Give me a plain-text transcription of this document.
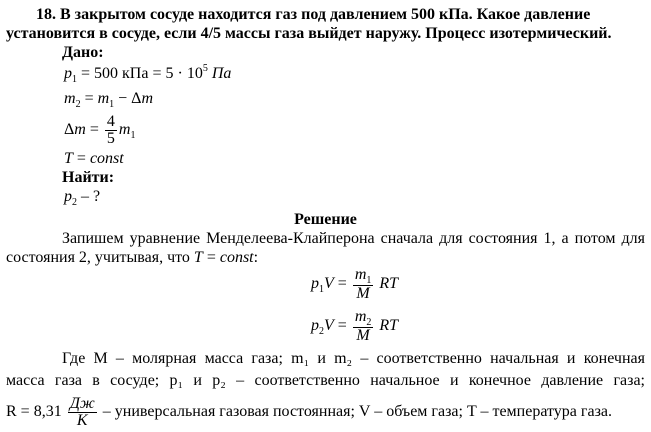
18. В закрытом сосуде находится газ под давлением 500 кПа. Какое давление
установится в сосуде, если 4/5 массы газа выйдет наружу. Процесс изотермический.
Дано:
$p_1 = 500$ кПа = $5 \cdot 10^5$ Па
$m_2 = m_1 - \Delta m$
$\Delta m = \frac{4}{5} m_1$
T = const
Найти:
$p_2$ – ?
Решение
Запишем уравнение Менделеева-Клайперона сначала для состояния 1, а потом для
состояния 2, учитывая, что T = const:
$p_1V = \frac{m_1}{M}$ RT
$p_2V = \frac{m_2}{M}$ RT
Где M – молярная масса газа; m₁ и m₂ – соответственно начальная и конечная
масса газа в сосуде; p₁ и p₂ – соответственно начальное и конечное давление газа;
$R = 8,31 \frac{Дж}{К}$ – универсальная газовая постоянная; V – объем газа; T – температура газа.
